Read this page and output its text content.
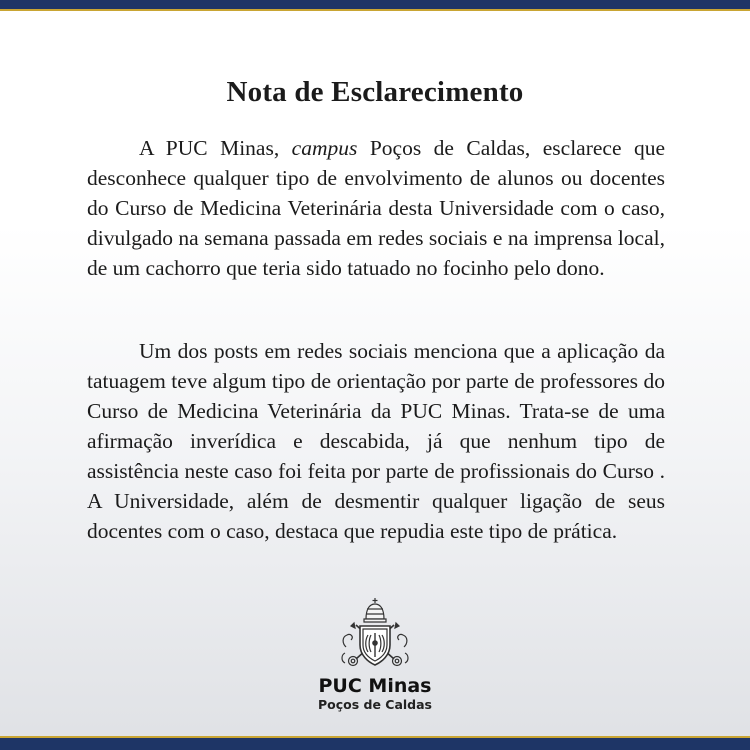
Nota de Esclarecimento

A PUC Minas, campus Poços de Caldas, esclarece que desconhece qualquer tipo de envolvimento de alunos ou docentes do Curso de Medicina Veterinária desta Universidade com o caso, divulgado na semana passada em redes sociais e na imprensa local, de um cachorro que teria sido tatuado no focinho pelo dono.

Um dos posts em redes sociais menciona que a aplicação da tatuagem teve algum tipo de orientação por parte de professores do Curso de Medicina Veterinária da PUC Minas. Trata-se de uma afirmação inverídica e descabida, já que nenhum tipo de assistência neste caso foi feita por parte de profissionais do Curso . A Universidade, além de desmentir qualquer ligação de seus docentes com o caso, destaca que repudia este tipo de prática.

PUC Minas
Poços de Caldas
